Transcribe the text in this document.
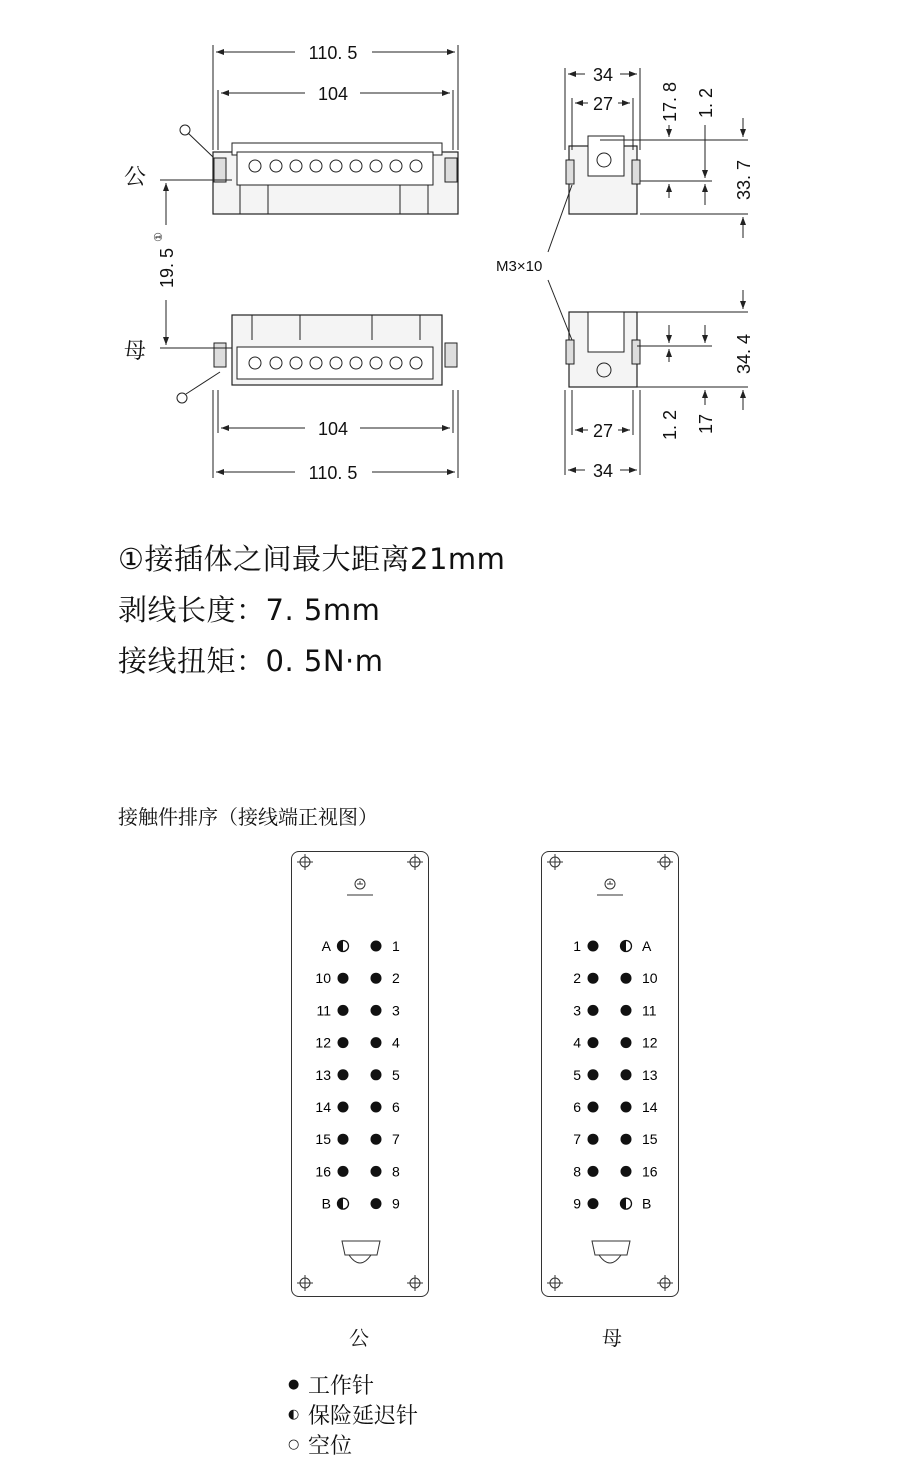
110. 5
104
104
110. 5
19. 5
①
34
27	17. 8 1. 2
33. 7
M3×10
34. 4
1. 2 17
27
34
公
母
①接插体之间最大距离21mm
剥线长度：7. 5mm
接线扭矩：0. 5N·m
接触件排序（接线端正视图）
A	1
10	2
11	3
12	4
13	5
14	6
15	7
16	8
B	9
1	A
2	10
3	11
4	12
5	13
6	14
7	15
8	16
9	B
公	母
● 工作针
◐ 保险延迟针
○ 空位
